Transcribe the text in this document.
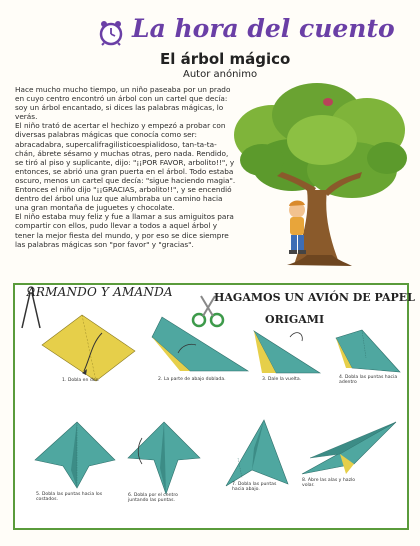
La hora del cuento
El árbol mágico
Autor anónimo

Hace mucho mucho tiempo, un niño paseaba por un prado en cuyo centro encontró un árbol con un cartel que decía: soy un árbol encantado, si dices las palabras mágicas, lo verás.

El niño trató de acertar el hechizo y empezó a probar con diversas palabras mágicas que conocía como ser: abracadabra, supercalifragilisticoespialidoso, tan-ta-ta-chán, ábrete sésamo y muchas otras, pero nada. Rendido, se tiró al piso y suplicante, dijo: "¡¡POR FAVOR, arbolito!!", y entonces, se abrió una gran puerta en el árbol. Todo estaba oscuro, menos un cartel que decía: "sigue haciendo magia". Entonces el niño dijo "¡¡GRACIAS, arbolito!!", y se encendió dentro del árbol una luz que alumbraba un camino hacia una gran montaña de juguetes y chocolate.

El niño estaba muy feliz y fue a llamar a sus amiguitos para compartir con ellos, pudo llevar a todos a aquel árbol y tener la mejor fiesta del mundo, y por eso se dice siempre las palabras mágicas son "por favor" y "gracias".

ARMANDO Y AMANDA	HAGAMOS UN AVIÓN DE PAPEL
ORIGAMI
1. Dobla en dos.	2. La parte de abajo doblada.	3. Dale la vuelta.	4. Dobla las puntas hacia adentro
5. Dobla las puntas hacia los costados.
6. Dobla por el centro juntando las puntas.
7. Dobla las puntas hacia abajo.
8. Abre las alas y hazlo volar.
